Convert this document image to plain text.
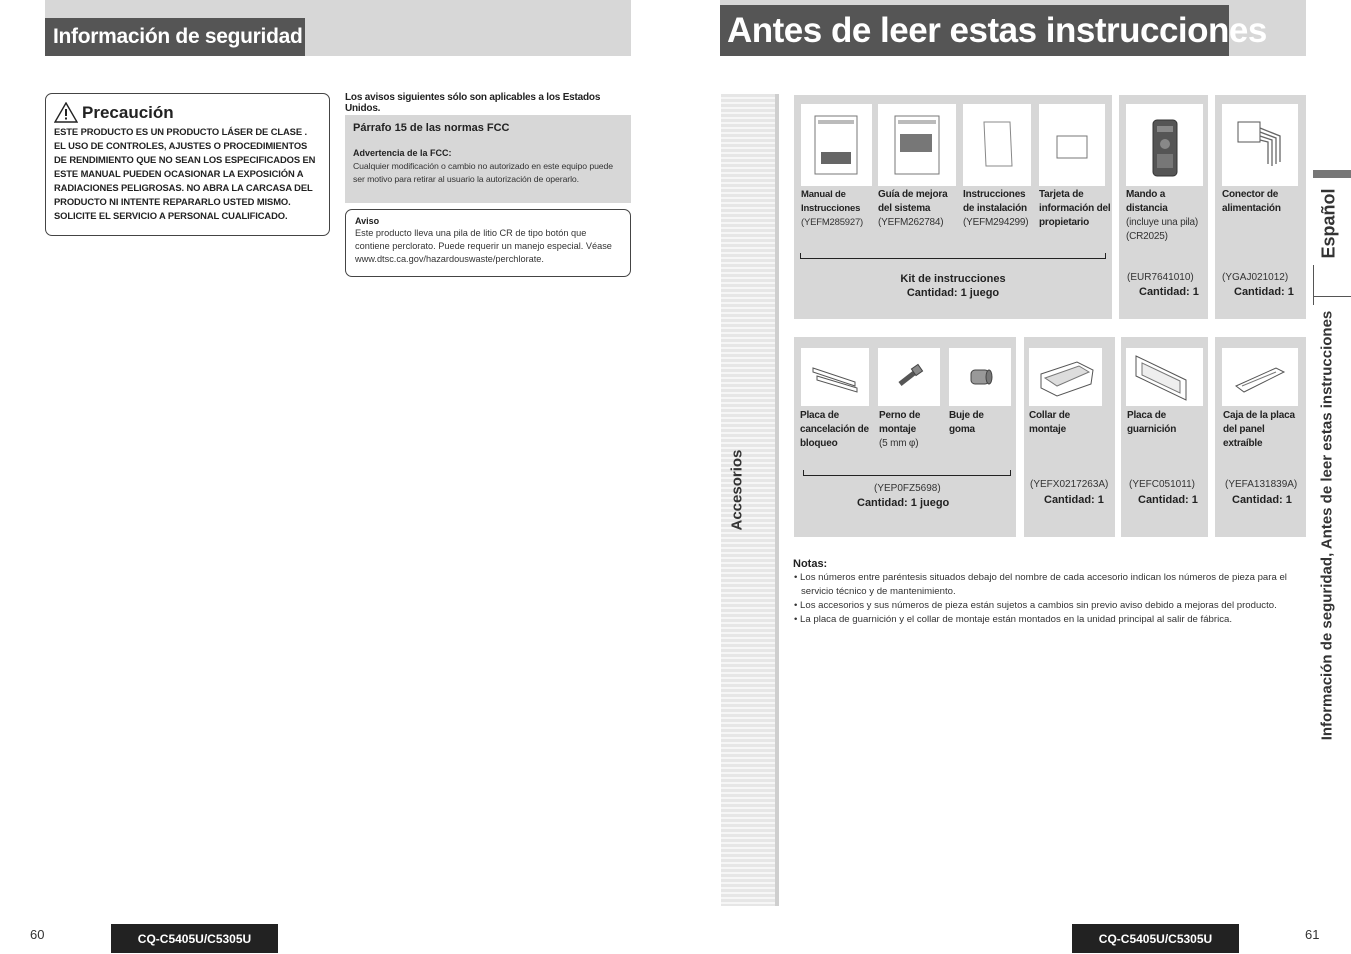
Información de seguridad
Precaución
ESTE PRODUCTO ES UN PRODUCTO LÁSER DE CLASE . EL USO DE CONTROLES, AJUSTES O PROCEDIMIENTOS DE RENDIMIENTO QUE NO SEAN LOS ESPECIFICADOS EN ESTE MANUAL PUEDEN OCASIONAR LA EXPOSICIÓN A RADIACIONES PELIGROSAS. NO ABRA LA CARCASA DEL PRODUCTO NI INTENTE REPARARLO USTED MISMO. SOLICITE EL SERVICIO A PERSONAL CUALIFICADO.
Los avisos siguientes sólo son aplicables a los Estados Unidos.
Párrafo 15 de las normas FCC
Advertencia de la FCC:
Cualquier modificación o cambio no autorizado en este equipo puede ser motivo para retirar al usuario la autorización de operarlo.
Aviso
Este producto lleva una pila de litio CR de tipo botón que contiene perclorato. Puede requerir un manejo especial. Véase www.dtsc.ca.gov/hazardouswaste/perchlorate.
60	CQ-C5405U/C5305U
Antes de leer estas instrucciones
Accesorios
Manual de Instrucciones
(YEFM285927)
Guía de mejora del sistema
(YEFM262784)
Instrucciones de instalación
(YEFM294299)
Tarjeta de información del propietario
Kit de instrucciones
Cantidad: 1 juego
Mando a distancia
(incluye una pila) (CR2025)
(EUR7641010)
Cantidad: 1
Conector de alimentación
(YGAJ021012)
Cantidad: 1
Placa de cancelación de bloqueo
Perno de montaje
(5 mm φ)
Buje de goma
(YEP0FZ5698)
Cantidad: 1 juego
Collar de montaje
(YEFX0217263A)
Cantidad: 1
Placa de guarnición
(YEFC051011)
Cantidad: 1
Caja de la placa del panel extraíble
(YEFA131839A)
Cantidad: 1
Notas:
• Los números entre paréntesis situados debajo del nombre de cada accesorio indican los números de pieza para el servicio técnico y de mantenimiento.
• Los accesorios y sus números de pieza están sujetos a cambios sin previo aviso debido a mejoras del producto.
• La placa de guarnición y el collar de montaje están montados en la unidad principal al salir de fábrica.
Español
Información de seguridad, Antes de leer estas instrucciones
CQ-C5405U/C5305U	61
